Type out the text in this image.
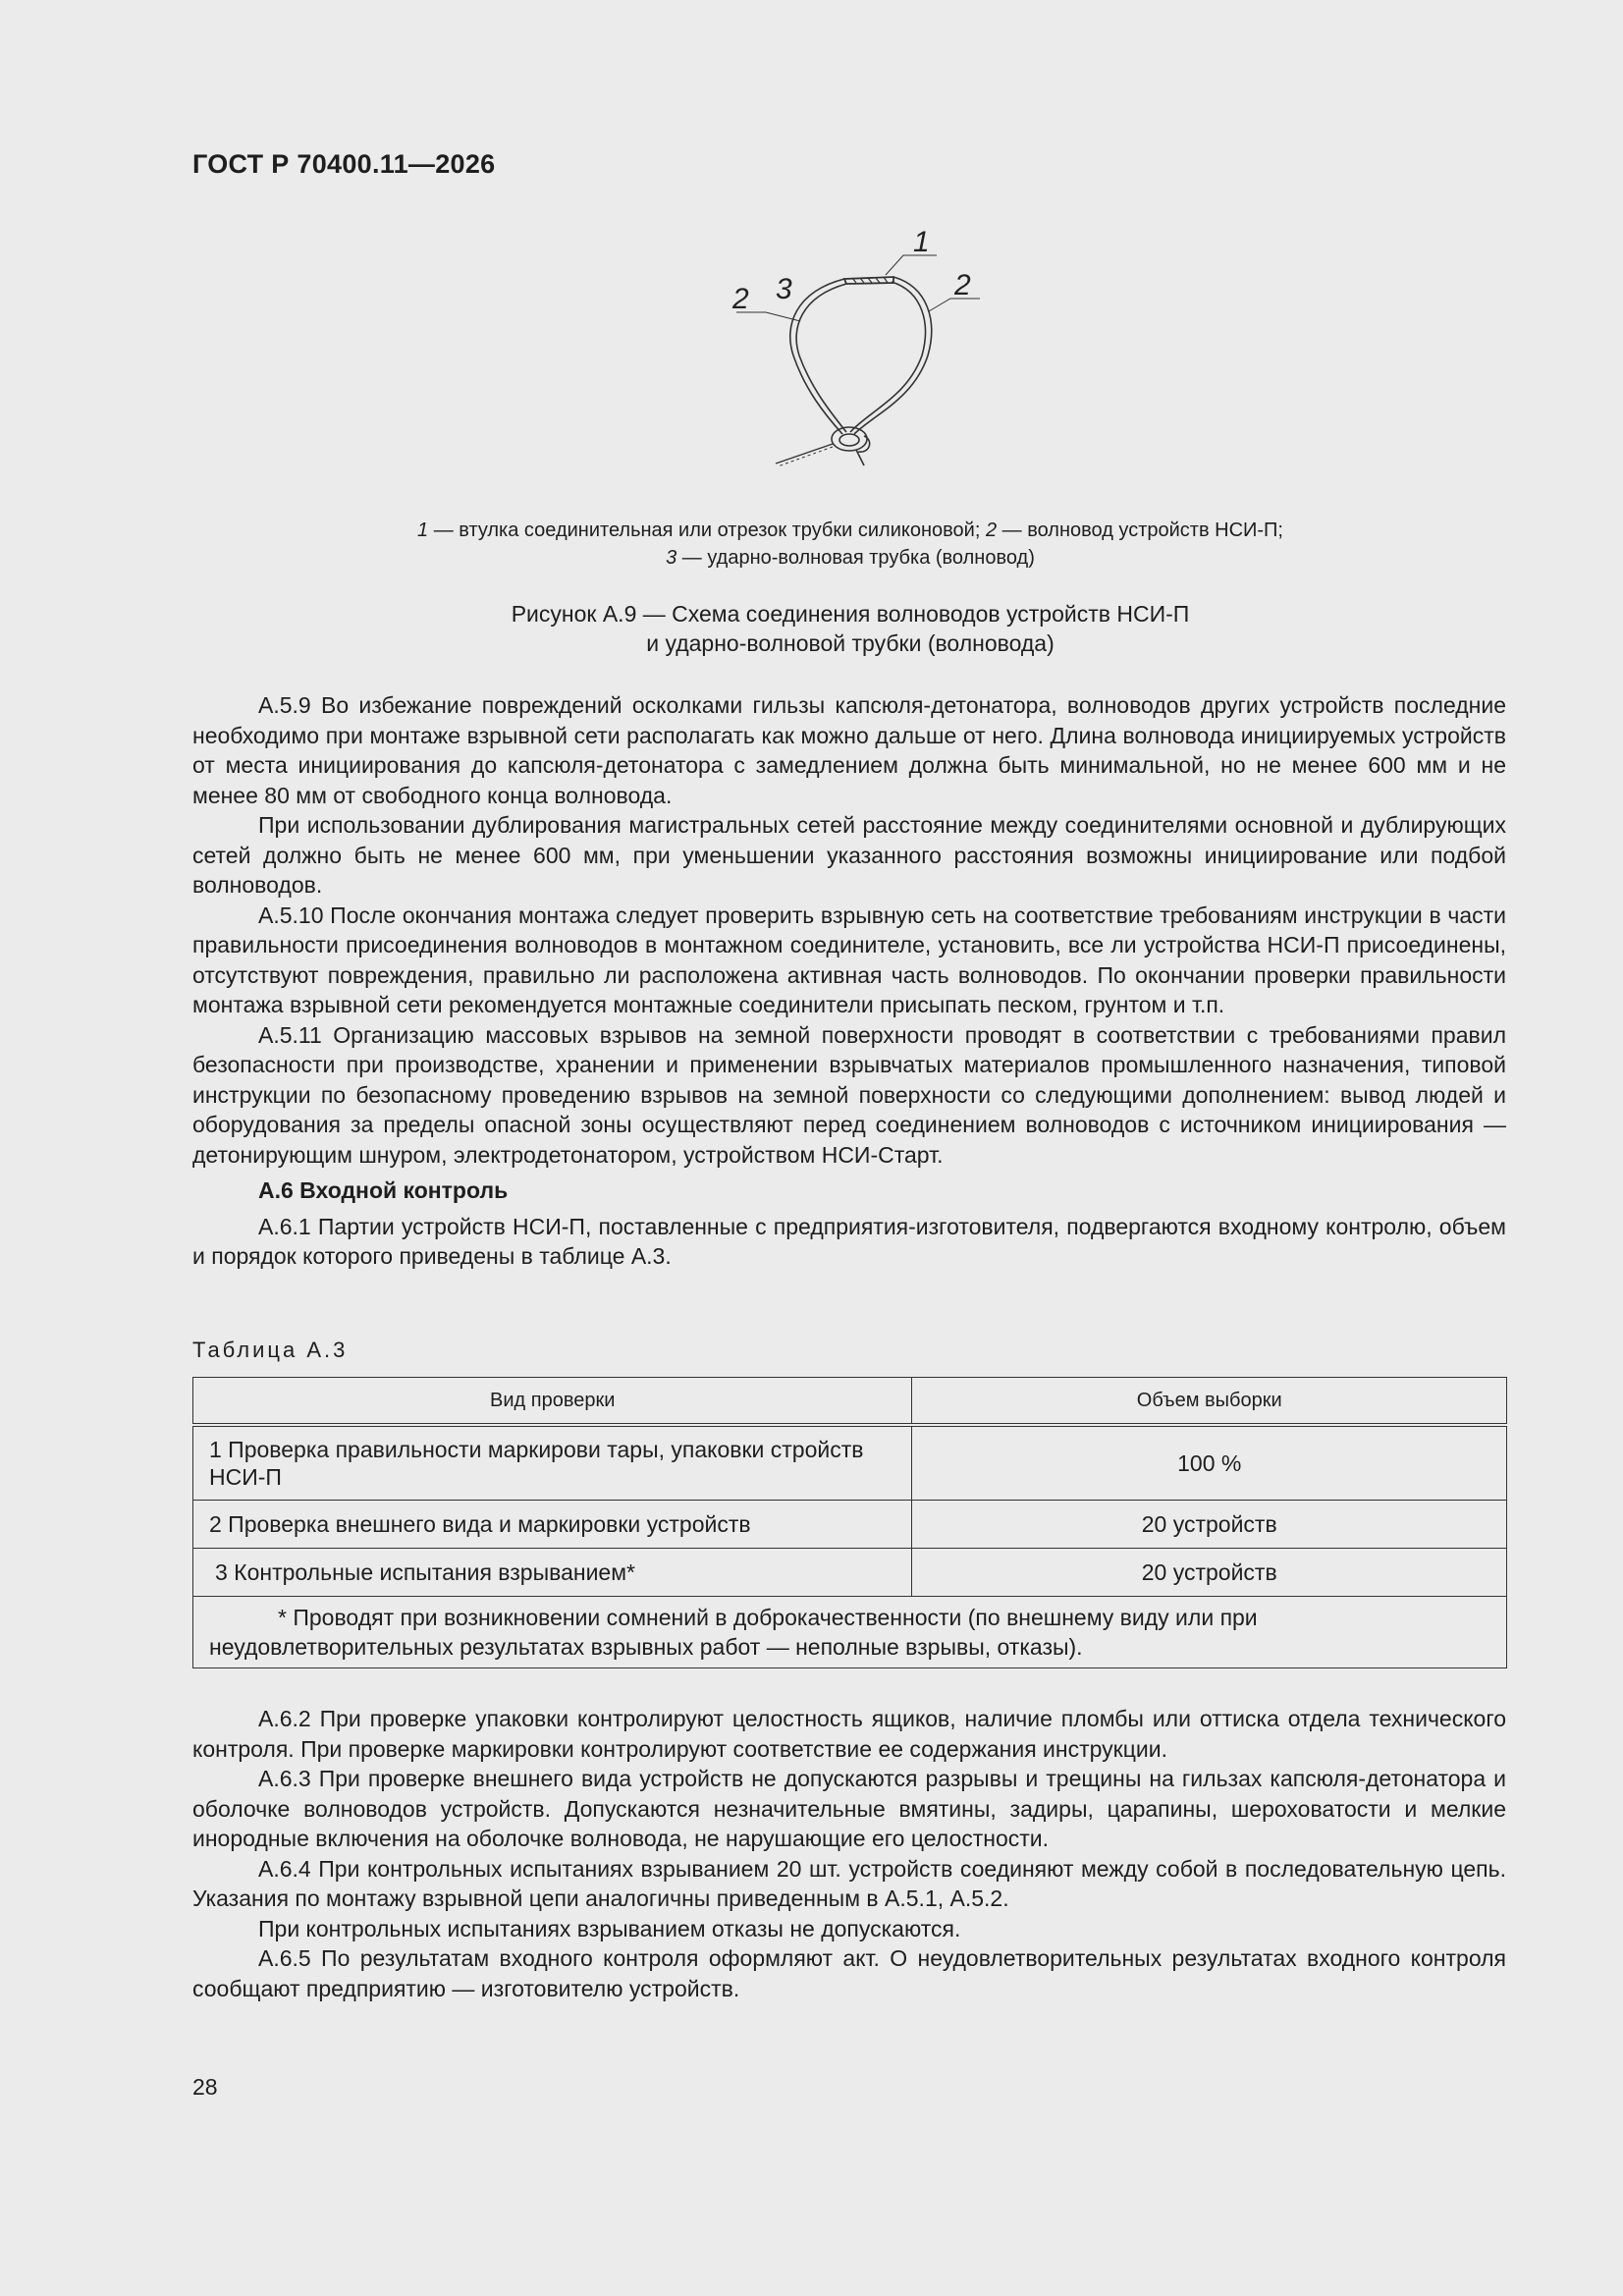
ГОСТ Р 70400.11—2026
1
2
3
2
1 — втулка соединительная или отрезок трубки силиконовой; 2 — волновод устройств НСИ-П;
3 — ударно-волновая трубка (волновод)
Рисунок А.9 — Схема соединения волноводов устройств НСИ-П
и ударно-волновой трубки (волновода)

А.5.9 Во избежание повреждений осколками гильзы капсюля-детонатора, волноводов других устройств последние необходимо при монтаже взрывной сети располагать как можно дальше от него. Длина волновода инициируемых устройств от места инициирования до капсюля-детонатора с замедлением должна быть минимальной, но не менее 600 мм и не менее 80 мм от свободного конца волновода.

При использовании дублирования магистральных сетей расстояние между соединителями основной и дублирующих сетей должно быть не менее 600 мм, при уменьшении указанного расстояния возможны инициирование или подбой волноводов.

А.5.10 После окончания монтажа следует проверить взрывную сеть на соответствие требованиям инструкции в части правильности присоединения волноводов в монтажном соединителе, установить, все ли устройства НСИ-П присоединены, отсутствуют повреждения, правильно ли расположена активная часть волноводов. По окончании проверки правильности монтажа взрывной сети рекомендуется монтажные соединители присыпать песком, грунтом и т.п.

А.5.11 Организацию массовых взрывов на земной поверхности проводят в соответствии с требованиями правил безопасности при производстве, хранении и применении взрывчатых материалов промышленного назначения, типовой инструкции по безопасному проведению взрывов на земной поверхности со следующими дополнением: вывод людей и оборудования за пределы опасной зоны осуществляют перед соединением волноводов с источником инициирования — детонирующим шнуром, электродетонатором, устройством НСИ-Старт.

А.6 Входной контроль

А.6.1 Партии устройств НСИ-П, поставленные с предприятия-изготовителя, подвергаются входному контролю, объем и порядок которого приведены в таблице А.3.

Таблица А.3
Вид проверки	Объем выборки
1 Проверка правильности маркирови тары, упаковки стройств НСИ-П	100 %
2 Проверка внешнего вида и маркировки устройств	20 устройств
3 Контрольные испытания взрыванием*	20 устройств
* Проводят при возникновении сомнений в доброкачественности (по внешнему виду или при неудовлетворительных результатах взрывных работ — неполные взрывы, отказы).	

А.6.2 При проверке упаковки контролируют целостность ящиков, наличие пломбы или оттиска отдела технического контроля. При проверке маркировки контролируют соответствие ее содержания инструкции.

А.6.3 При проверке внешнего вида устройств не допускаются разрывы и трещины на гильзах капсюля-детонатора и оболочке волноводов устройств. Допускаются незначительные вмятины, задиры, царапины, шероховатости и мелкие инородные включения на оболочке волновода, не нарушающие его целостности.

А.6.4 При контрольных испытаниях взрыванием 20 шт. устройств соединяют между собой в последовательную цепь. Указания по монтажу взрывной цепи аналогичны приведенным в А.5.1, А.5.2.

При контрольных испытаниях взрыванием отказы не допускаются.

А.6.5 По результатам входного контроля оформляют акт. О неудовлетворительных результатах входного контроля сообщают предприятию — изготовителю устройств.

28
